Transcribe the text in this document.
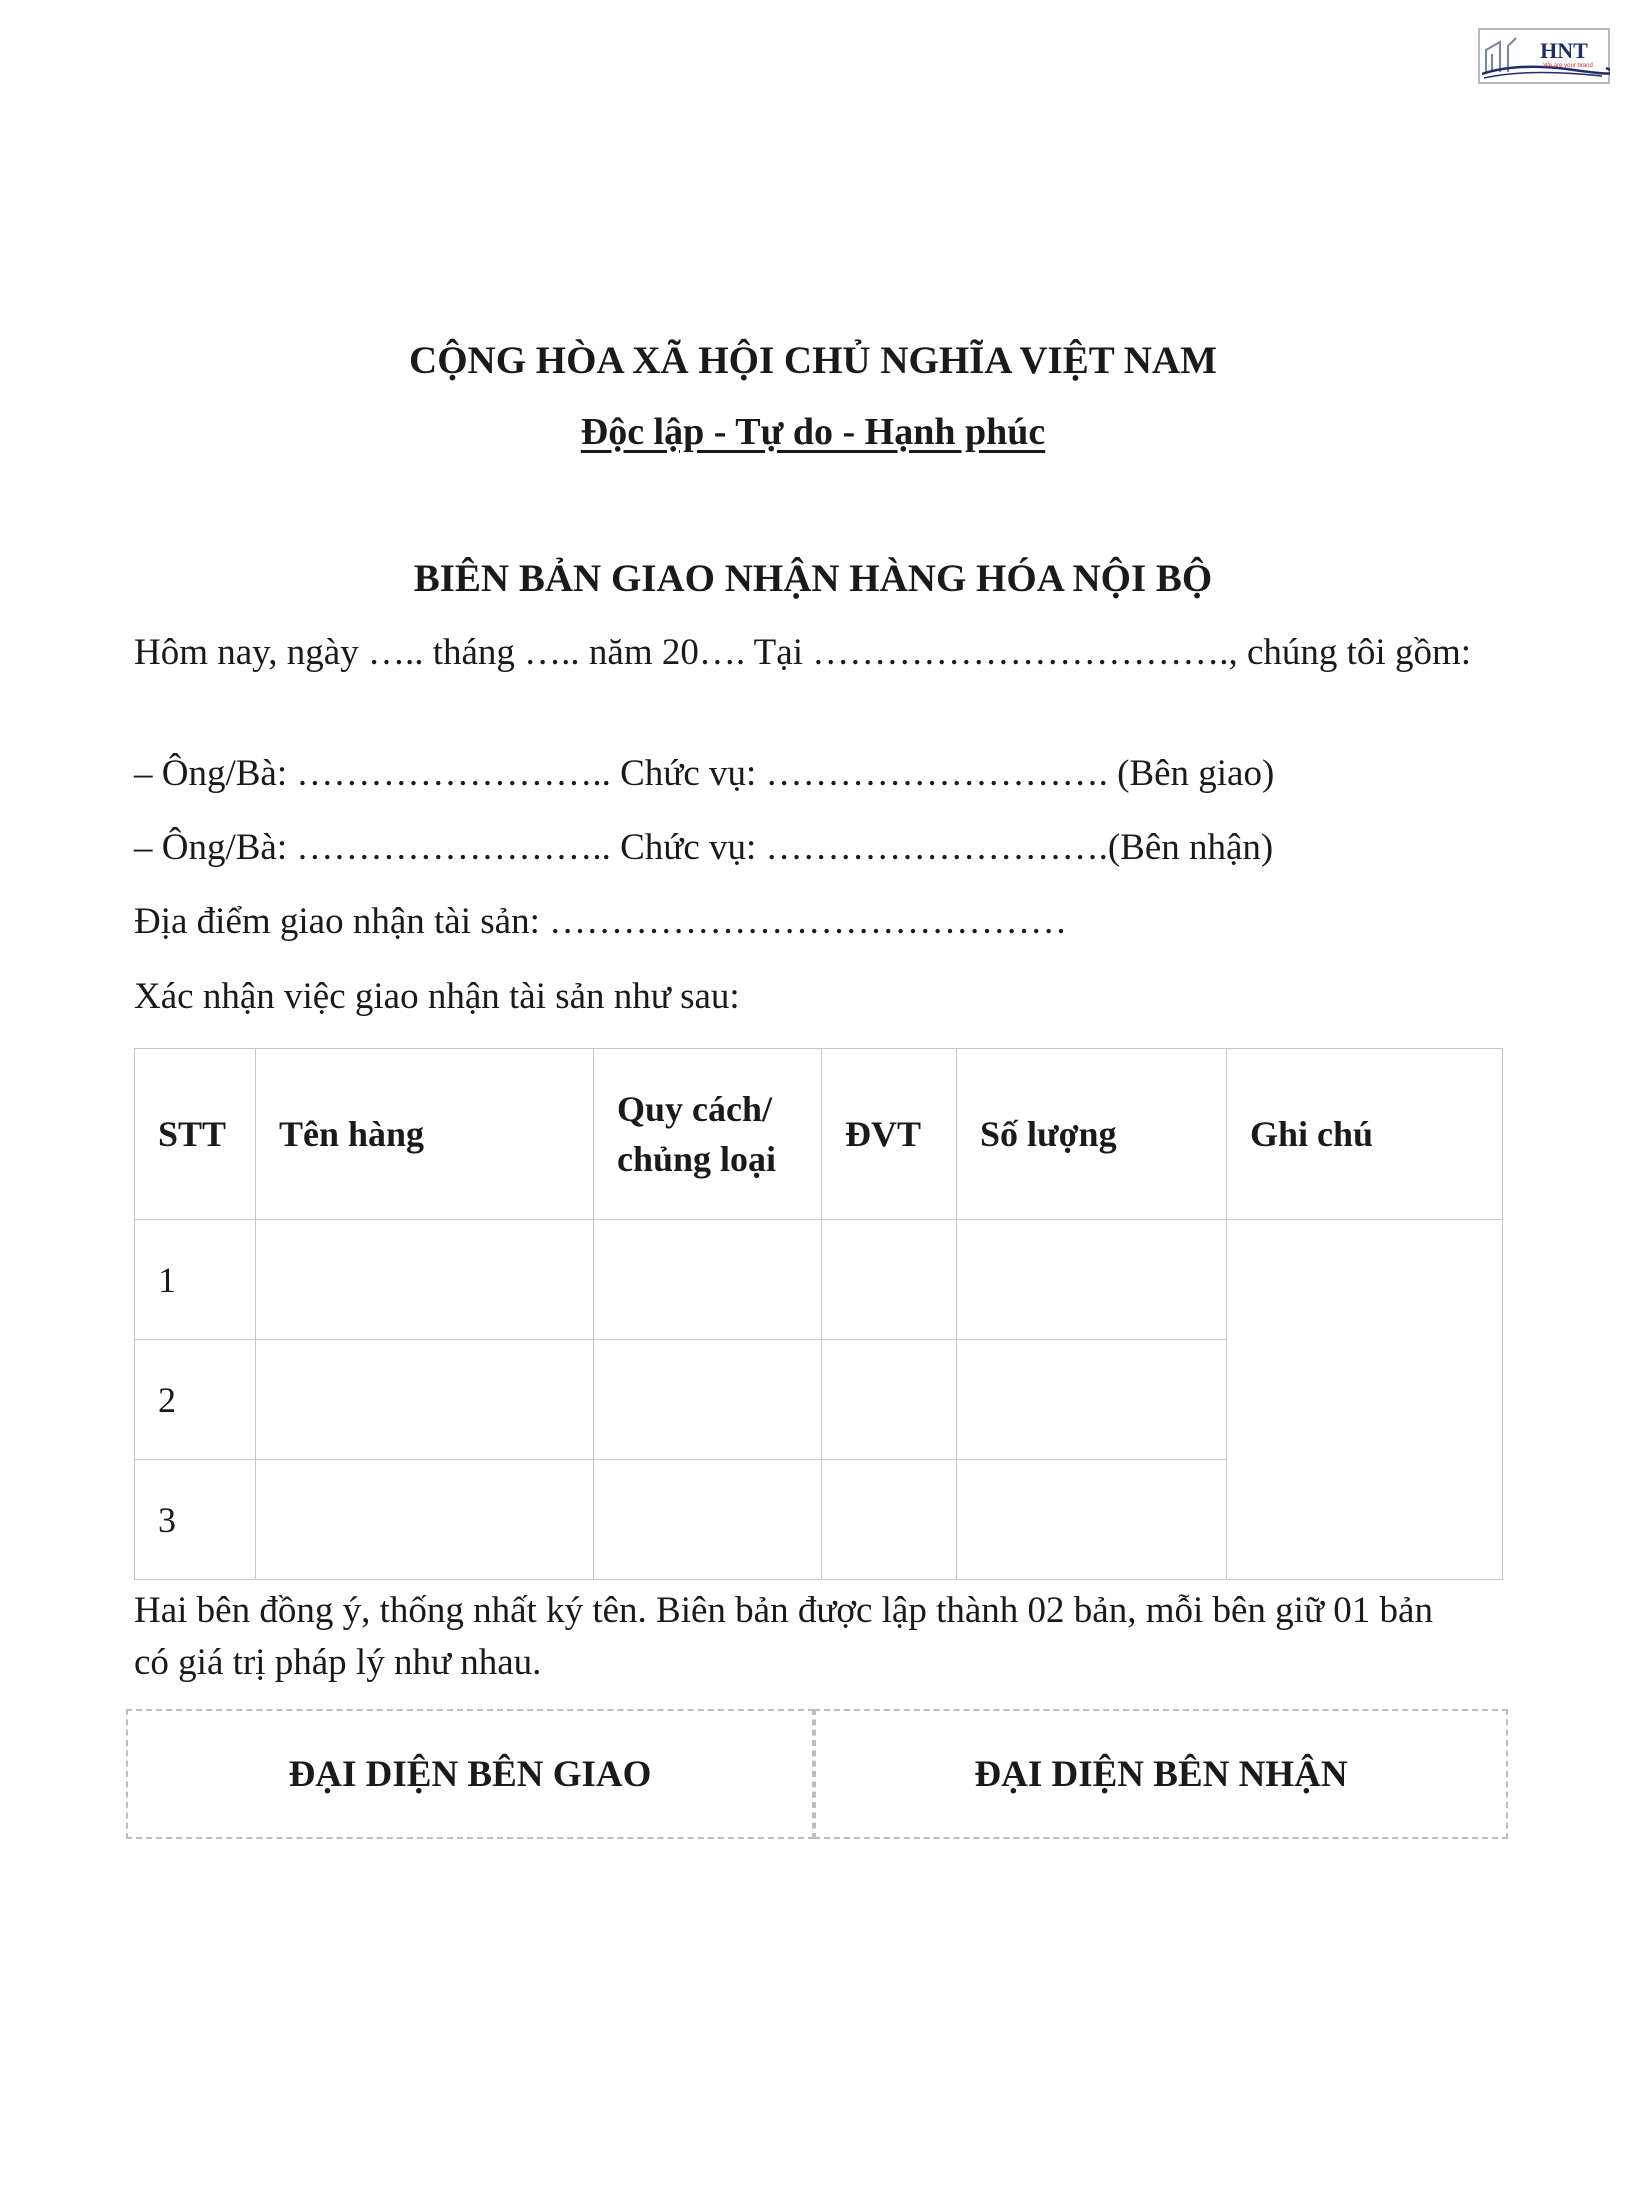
HNT
We are your brand
CỘNG HÒA XÃ HỘI CHỦ NGHĨA VIỆT NAM
Độc lập - Tự do - Hạnh phúc
BIÊN BẢN GIAO NHẬN HÀNG HÓA NỘI BỘ
Hôm nay, ngày ….. tháng ….. năm 20…. Tại ……………………………., chúng tôi gồm:
– Ông/Bà: …………………….. Chức vụ: ………………………. (Bên giao)
– Ông/Bà: …………………….. Chức vụ: ……………………….(Bên nhận)
Địa điểm giao nhận tài sản: ……………………………………
Xác nhận việc giao nhận tài sản như sau:
STT	Tên hàng	Quy cách/ chủng loại	ĐVT	Số lượng	Ghi chú
1					
2					
3					
Hai bên đồng ý, thống nhất ký tên. Biên bản được lập thành 02 bản, mỗi bên giữ 01 bản có giá trị pháp lý như nhau.
ĐẠI DIỆN BÊN GIAO	ĐẠI DIỆN BÊN NHẬN
